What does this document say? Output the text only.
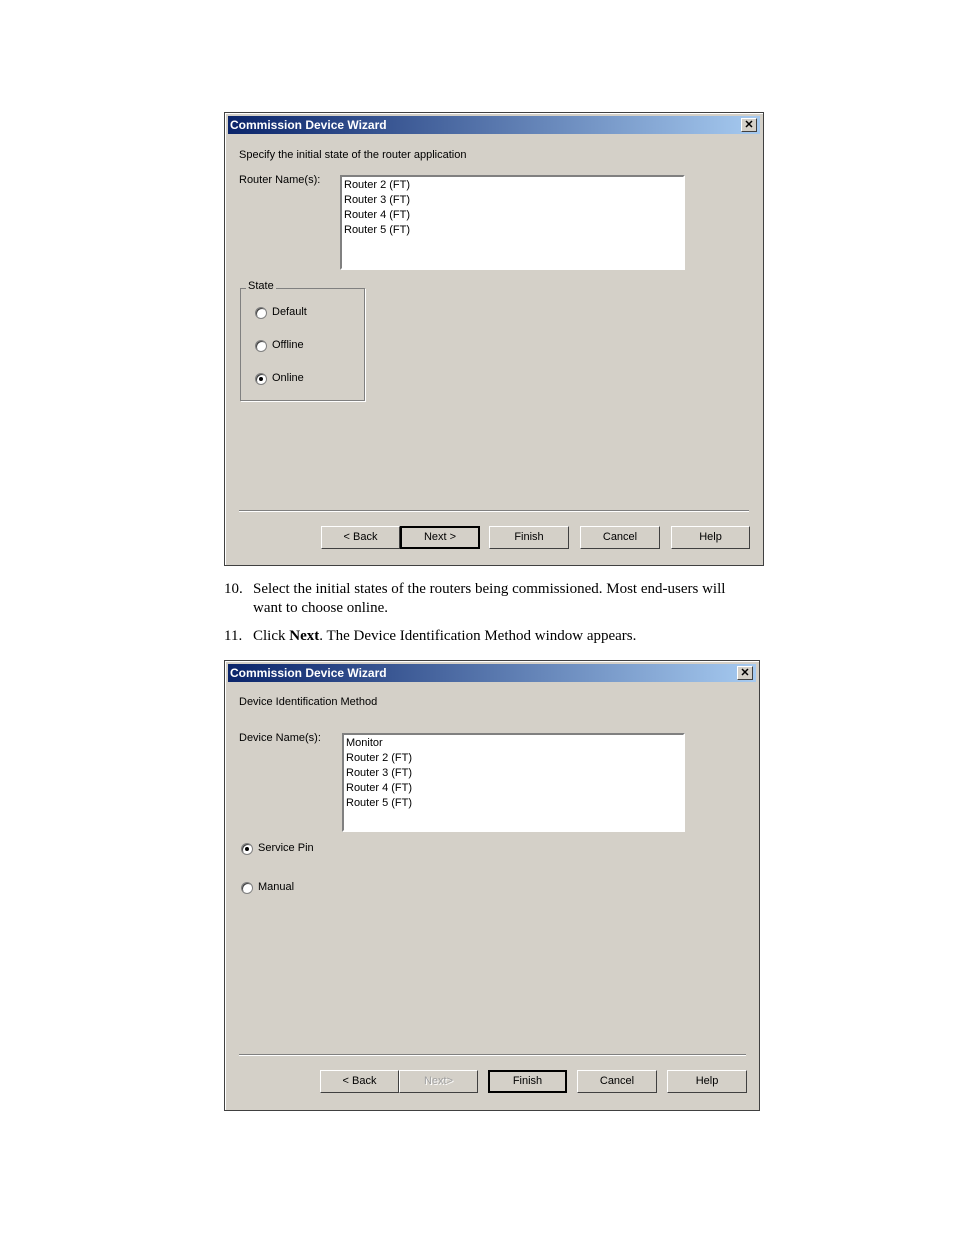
Commission Device Wizard	✕
Specify the initial state of the router application
Router Name(s): Router 2 (FT)
Router 3 (FT)
Router 4 (FT)
Router 5 (FT)
State
Default
Offline
Online
< Back	Next >	Finish	Cancel	Help
10. Select the initial states of the routers being commissioned. Most end-users will
want to choose online.
11. Click Next. The Device Identification Method window appears.
Commission Device Wizard	✕
Device Identification Method
Device Name(s): Monitor
Router 2 (FT)
Router 3 (FT)
Router 4 (FT)
Router 5 (FT)
Service Pin
Manual
< Back	Next>	Finish	Cancel	Help
